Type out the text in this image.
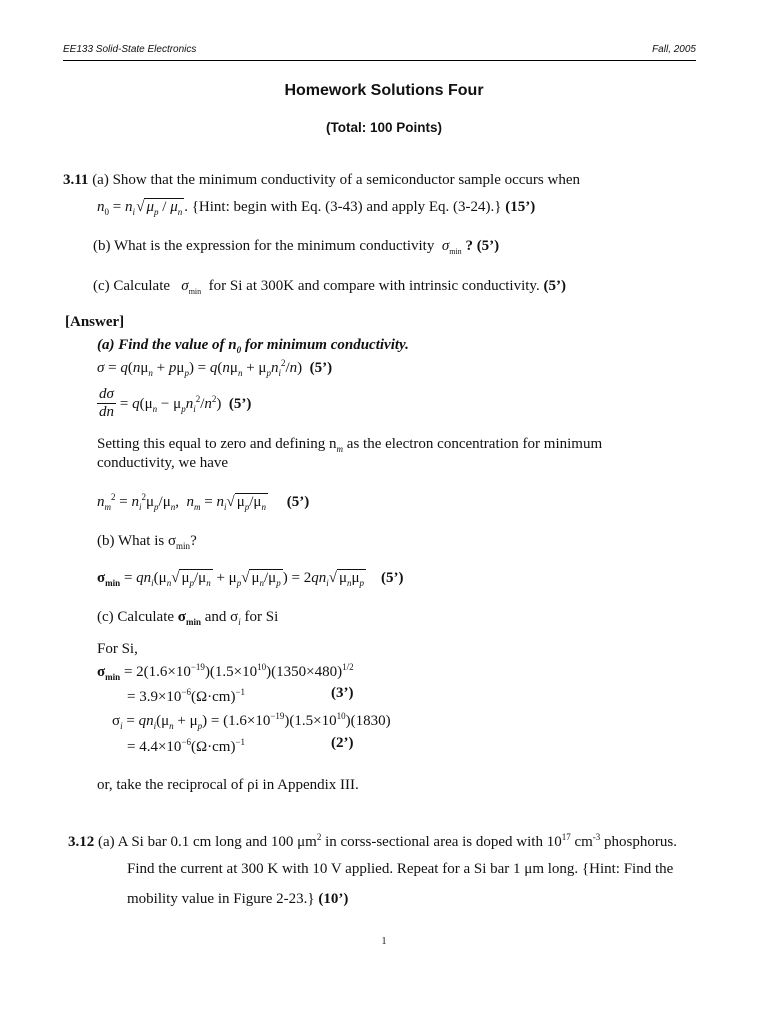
EE133 Solid-State Electronics	Fall, 2005
Homework Solutions Four
(Total: 100 Points)
3.11 (a) Show that the minimum conductivity of a semiconductor sample occurs when
$n_0 = n_i$ √ $\mu_p / \mu_n$ . {Hint: begin with Eq. (3-43) and apply Eq. (3-24).} (15’)
(b) What is the expression for the minimum conductivity $\sigma_{min}$ ? (5’)
(c) Calculate $\sigma_{min}$ for Si at 300K and compare with intrinsic conductivity. (5’)
[Answer]
(a) Find the value of $n_0$ for minimum conductivity.
$\sigma = q(n\mu_n + p\mu_p) = q(n\mu_n + \mu_pn_i^2/n)$  (5’)
$\frac{d\sigma}{dn} = q(\mu_n - \mu_pn_i^2/n^2)$  (5’)
Setting this equal to zero and defining $n_m$ as the electron concentration for minimum
conductivity, we have
$n_m^2 = n_i^2\mu_p/\mu_n$,  $n_m = n_i√$ $\mu_p/\mu_n$ (5’)
(b) What is $\sigma_{min}$?
$\sigma_{min} = qn_i(\mu_n√$ $\mu_p/\mu_n + \mu_p√$ $\mu_n/\mu_p$ ) = $2qn_i√$ $\mu_n\mu_p$ (5’)
(c) Calculate $\sigma_{min}$ and $\sigma_i$ for Si
For Si,
$\sigma_{min} = 2(1.6\times 10^{-19})(1.5\times 10^{10})(1350\times 480)^{1/2}$
= $3.9\times 10^{-6}(\Omega\cdot cm)^{-1}$	(3’)
$\sigma_i = qn_i(\mu_n + \mu_p) = (1.6\times 10^{-19})(1.5\times 10^{10})(1830)$
= $4.4\times 10^{-6}(\Omega\cdot cm)^{-1}$	(2’)
or, take the reciprocal of ρi in Appendix III.
3.12 (a) A Si bar 0.1 cm long and 100 $\mu m^2$ in corss-sectional area is doped with $10^{17}$ $cm^{-3}$ phosphorus.
Find the current at 300 K with 10 V applied. Repeat for a Si bar 1 μm long. {Hint: Find the
mobility value in Figure 2-23.} (10’)
1
